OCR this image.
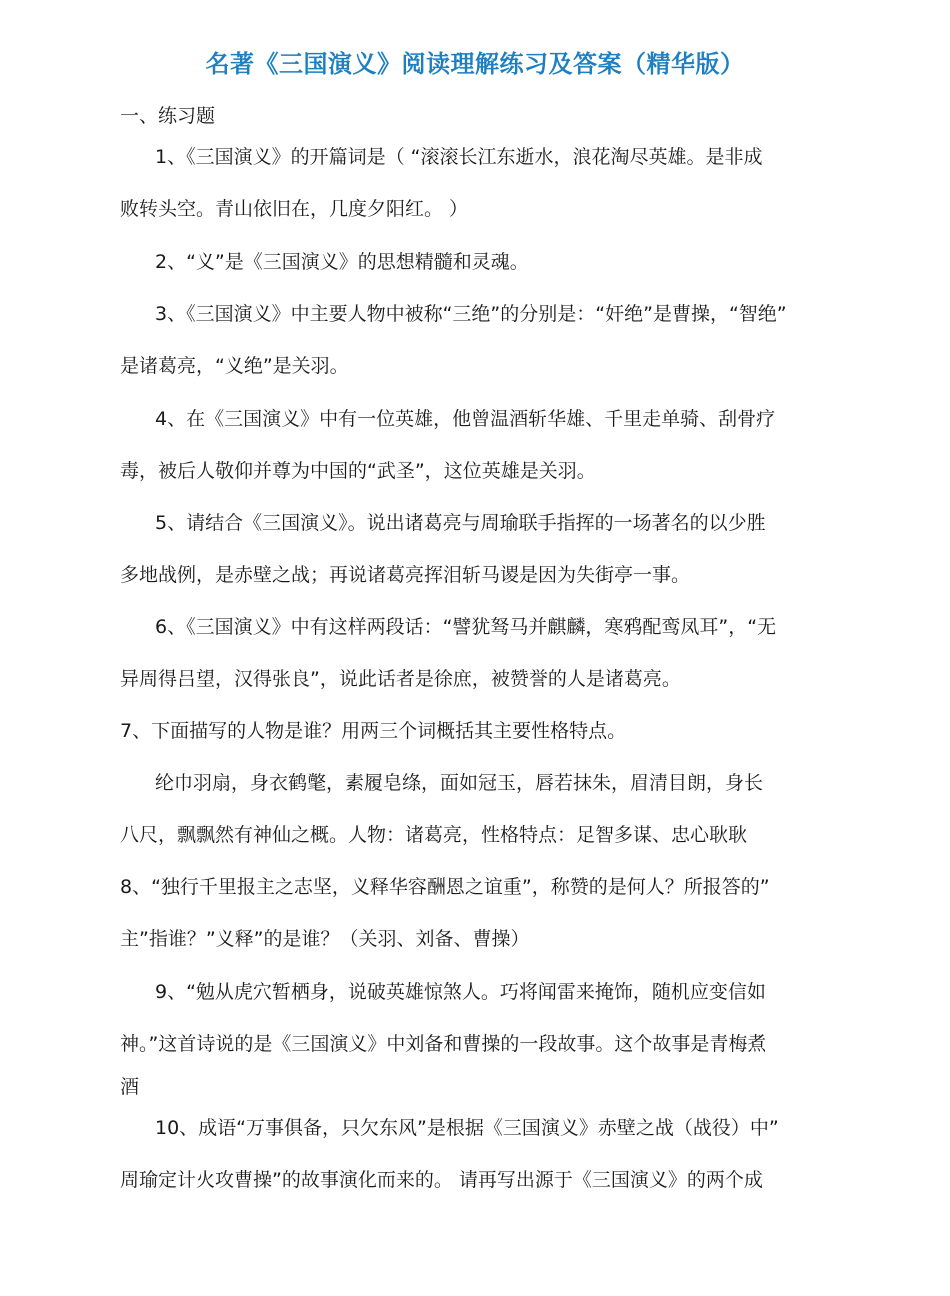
名著《三国演义》阅读理解练习及答案（精华版）
一、练习题
1、《三国演义》的开篇词是（ “滚滚长江东逝水，浪花淘尽英雄。是非成
败转头空。青山依旧在，几度夕阳红。 ）
2、“义”是《三国演义》的思想精髓和灵魂。
3、《三国演义》中主要人物中被称“三绝”的分别是：“奸绝”是曹操，“智绝”
是诸葛亮，“义绝”是关羽。
4、在《三国演义》中有一位英雄，他曾温酒斩华雄、千里走单骑、刮骨疗
毒，被后人敬仰并尊为中国的“武圣”，这位英雄是关羽。
5、请结合《三国演义》。说出诸葛亮与周瑜联手指挥的一场著名的以少胜
多地战例，是赤壁之战；再说诸葛亮挥泪斩马谡是因为失街亭一事。
6、《三国演义》中有这样两段话：“譬犹驽马并麒麟，寒鸦配鸾凤耳”，“无
异周得吕望，汉得张良”，说此话者是徐庶，被赞誉的人是诸葛亮。
7、下面描写的人物是谁？用两三个词概括其主要性格特点。
纶巾羽扇，身衣鹤氅，素履皂绦，面如冠玉，唇若抹朱，眉清目朗，身长
八尺，飘飘然有神仙之概。人物：诸葛亮，性格特点：足智多谋、忠心耿耿
8、“独行千里报主之志坚，义释华容酬恩之谊重”，称赞的是何人？所报答的”
主”指谁？”义释”的是谁？（关羽、刘备、曹操）
9、“勉从虎穴暂栖身，说破英雄惊煞人。巧将闻雷来掩饰，随机应变信如
神。”这首诗说的是《三国演义》中刘备和曹操的一段故事。这个故事是青梅煮
酒
10、成语“万事俱备，只欠东风”是根据《三国演义》赤壁之战（战役）中”
周瑜定计火攻曹操”的故事演化而来的。 请再写出源于《三国演义》的两个成
